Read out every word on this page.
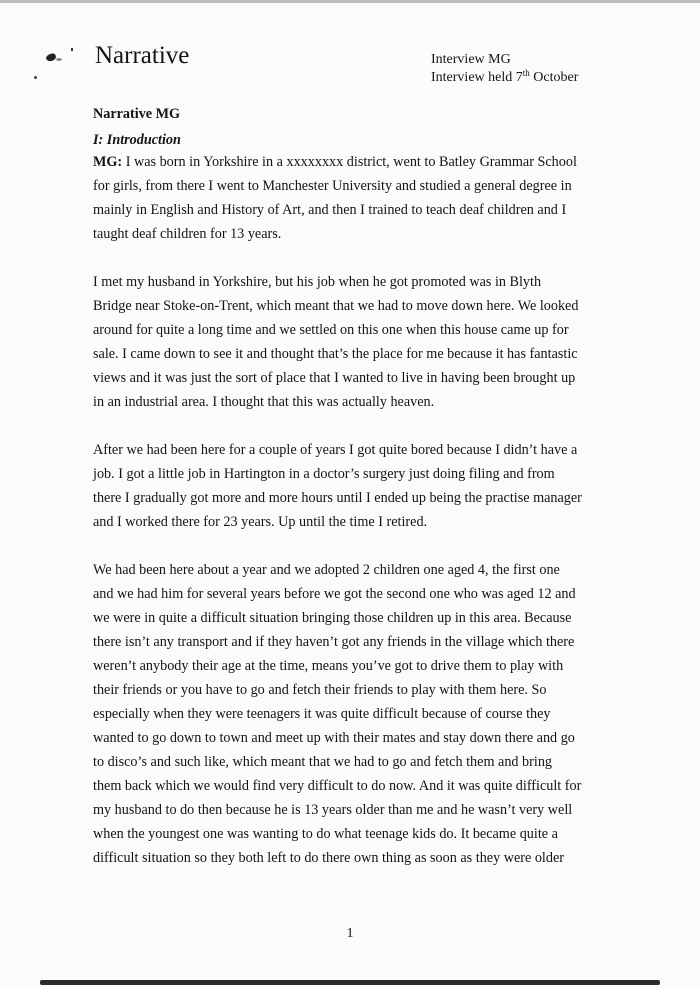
Narrative	Interview MG
Interview held 7th October
Narrative MG
I: Introduction
MG: I was born in Yorkshire in a xxxxxxxx district, went to Batley Grammar School
for girls, from there I went to Manchester University and studied a general degree in
mainly in English and History of Art, and then I trained to teach deaf children and I
taught deaf children for 13 years.
I met my husband in Yorkshire, but his job when he got promoted was in Blyth
Bridge near Stoke-on-Trent, which meant that we had to move down here. We looked
around for quite a long time and we settled on this one when this house came up for
sale. I came down to see it and thought that’s the place for me because it has fantastic
views and it was just the sort of place that I wanted to live in having been brought up
in an industrial area. I thought that this was actually heaven.
After we had been here for a couple of years I got quite bored because I didn’t have a
job. I got a little job in Hartington in a doctor’s surgery just doing filing and from
there I gradually got more and more hours until I ended up being the practise manager
and I worked there for 23 years. Up until the time I retired.
We had been here about a year and we adopted 2 children one aged 4, the first one
and we had him for several years before we got the second one who was aged 12 and
we were in quite a difficult situation bringing those children up in this area. Because
there isn’t any transport and if they haven’t got any friends in the village which there
weren’t anybody their age at the time, means you’ve got to drive them to play with
their friends or you have to go and fetch their friends to play with them here. So
especially when they were teenagers it was quite difficult because of course they
wanted to go down to town and meet up with their mates and stay down there and go
to disco’s and such like, which meant that we had to go and fetch them and bring
them back which we would find very difficult to do now. And it was quite difficult for
my husband to do then because he is 13 years older than me and he wasn’t very well
when the youngest one was wanting to do what teenage kids do. It became quite a
difficult situation so they both left to do there own thing as soon as they were older
1
